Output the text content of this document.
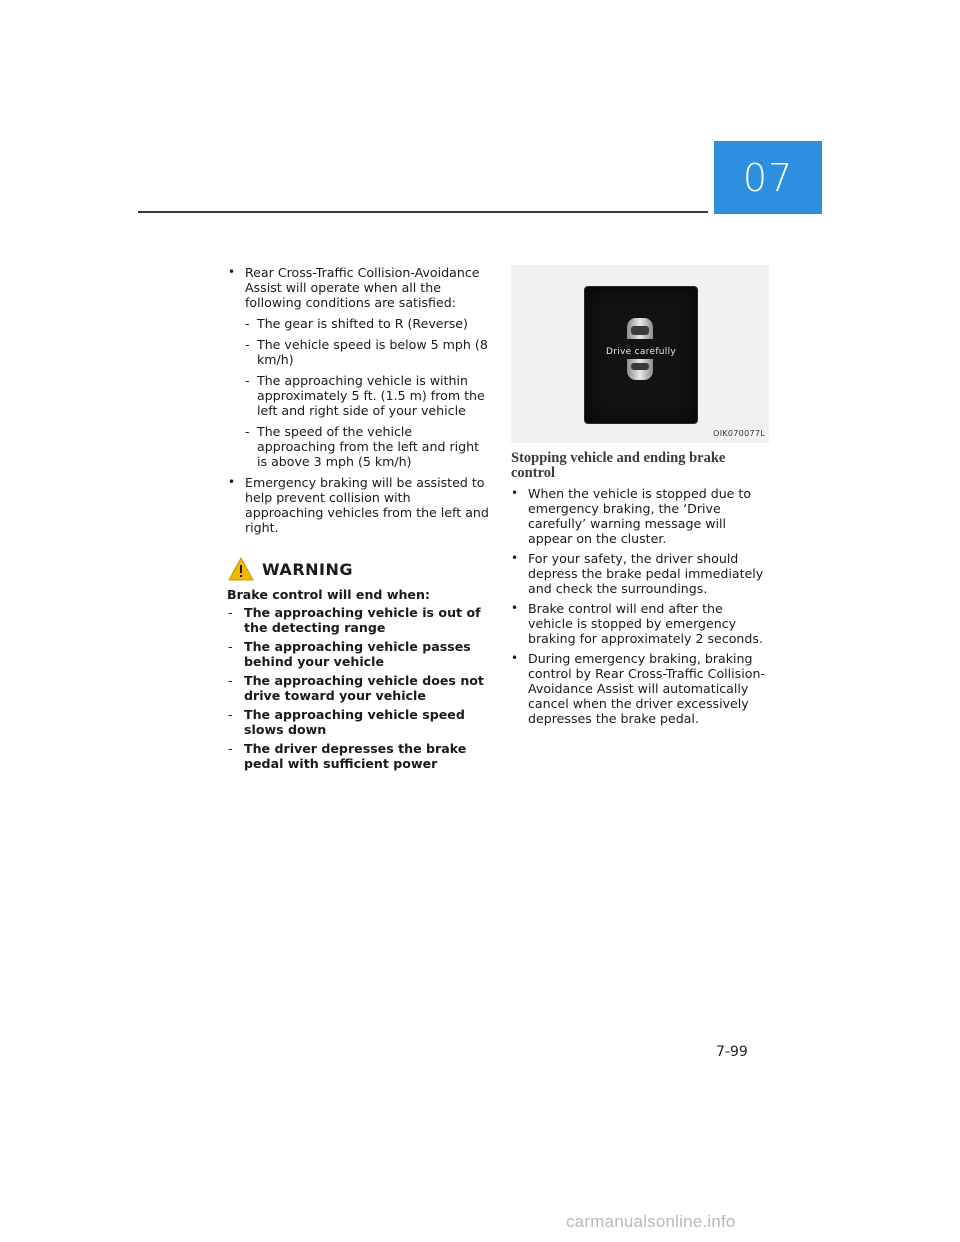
07
• Rear Cross-Traffic Collision-Avoidance Assist will operate when all the following conditions are satisfied:
- The gear is shifted to R (Reverse)
- The vehicle speed is below 5 mph (8 km/h)
- The approaching vehicle is within approximately 5 ft. (1.5 m) from the left and right side of your vehicle
- The speed of the vehicle approaching from the left and right is above 3 mph (5 km/h)
• Emergency braking will be assisted to help prevent collision with approaching vehicles from the left and right.
WARNING
Brake control will end when:
- The approaching vehicle is out of the detecting range
- The approaching vehicle passes behind your vehicle
- The approaching vehicle does not drive toward your vehicle
- The approaching vehicle speed slows down
- The driver depresses the brake pedal with sufficient power
Drive carefully
OIK070077L
Stopping vehicle and ending brake control
• When the vehicle is stopped due to emergency braking, the ‘Drive carefully’ warning message will appear on the cluster.
• For your safety, the driver should depress the brake pedal immediately and check the surroundings.
• Brake control will end after the vehicle is stopped by emergency braking for approximately 2 seconds.
• During emergency braking, braking control by Rear Cross-Traffic Collision-Avoidance Assist will automatically cancel when the driver excessively depresses the brake pedal.
7-99
carmanualsonline.info
